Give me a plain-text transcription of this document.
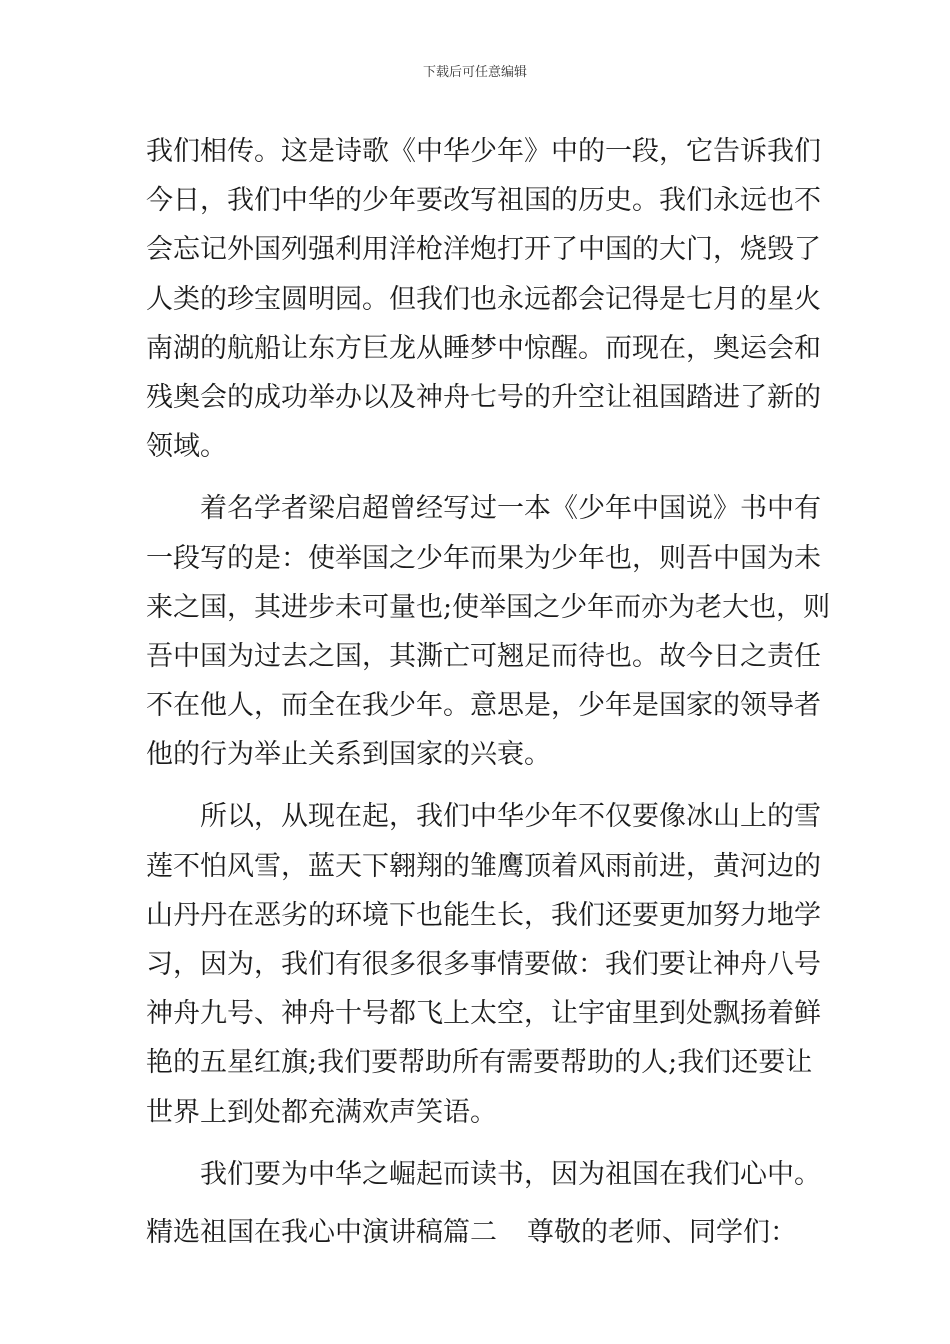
下载后可任意编辑
我们相传。这是诗歌《中华少年》中的一段，它告诉我们
今日，我们中华的少年要改写祖国的历史。我们永远也不
会忘记外国列强利用洋枪洋炮打开了中国的大门，烧毁了
人类的珍宝圆明园。但我们也永远都会记得是七月的星火
南湖的航船让东方巨龙从睡梦中惊醒。而现在，奥运会和
残奥会的成功举办以及神舟七号的升空让祖国踏进了新的
领域。
着名学者梁启超曾经写过一本《少年中国说》书中有
一段写的是：使举国之少年而果为少年也，则吾中国为未
来之国，其进步未可量也;使举国之少年而亦为老大也，则
吾中国为过去之国，其澌亡可翘足而待也。故今日之责任
不在他人，而全在我少年。意思是，少年是国家的领导者
他的行为举止关系到国家的兴衰。
所以，从现在起，我们中华少年不仅要像冰山上的雪
莲不怕风雪，蓝天下翱翔的雏鹰顶着风雨前进，黄河边的
山丹丹在恶劣的环境下也能生长，我们还要更加努力地学
习，因为，我们有很多很多事情要做：我们要让神舟八号
神舟九号、神舟十号都飞上太空，让宇宙里到处飘扬着鲜
艳的五星红旗;我们要帮助所有需要帮助的人;我们还要让
世界上到处都充满欢声笑语。
我们要为中华之崛起而读书，因为祖国在我们心中。
精选祖国在我心中演讲稿篇二	尊敬的老师、同学们：
